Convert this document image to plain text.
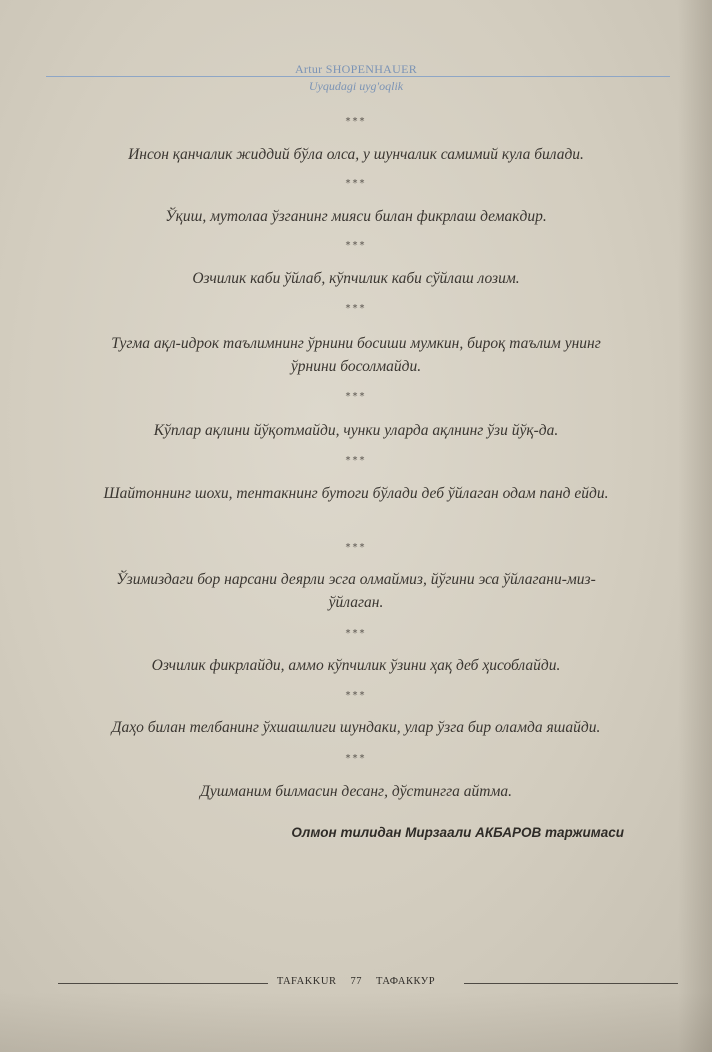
Artur SHOPENHAUER
Uyqudagi uyg'oqlik
***
Инсон қанчалик жиддий бўла олса, у шунчалик самимий кула билади.
***
Ўқиш, мутолаа ўзганинг мияси билан фикрлаш демакдир.
***
Озчилик каби ўйлаб, кўпчилик каби сўйлаш лозим.
***
Тугма ақл-идрок таълимнинг ўрнини босиши мумкин, бироқ таълим унинг ўрнини босолмайди.
***
Кўплар ақлини йўқотмайди, чунки уларда ақлнинг ўзи йўқ-да.
***
Шайтоннинг шохи, тентакнинг бутоги бўлади деб ўйлаган одам панд ейди.
***
Ўзимиздаги бор нарсани деярли эсга олмаймиз, йўгини эса ўйлагани-миз-ўйлаган.
***
Озчилик фикрлайди, аммо кўпчилик ўзини ҳақ деб ҳисоблайди.
***
Даҳо билан телбанинг ўхшашлиги шундаки, улар ўзга бир оламда яшайди.
***
Душманим билмасин десанг, дўстингга айтма.
Олмон тилидан Мирзаали АКБАРОВ таржимаси
TAFAKKUR 77 ТАФАККУР
